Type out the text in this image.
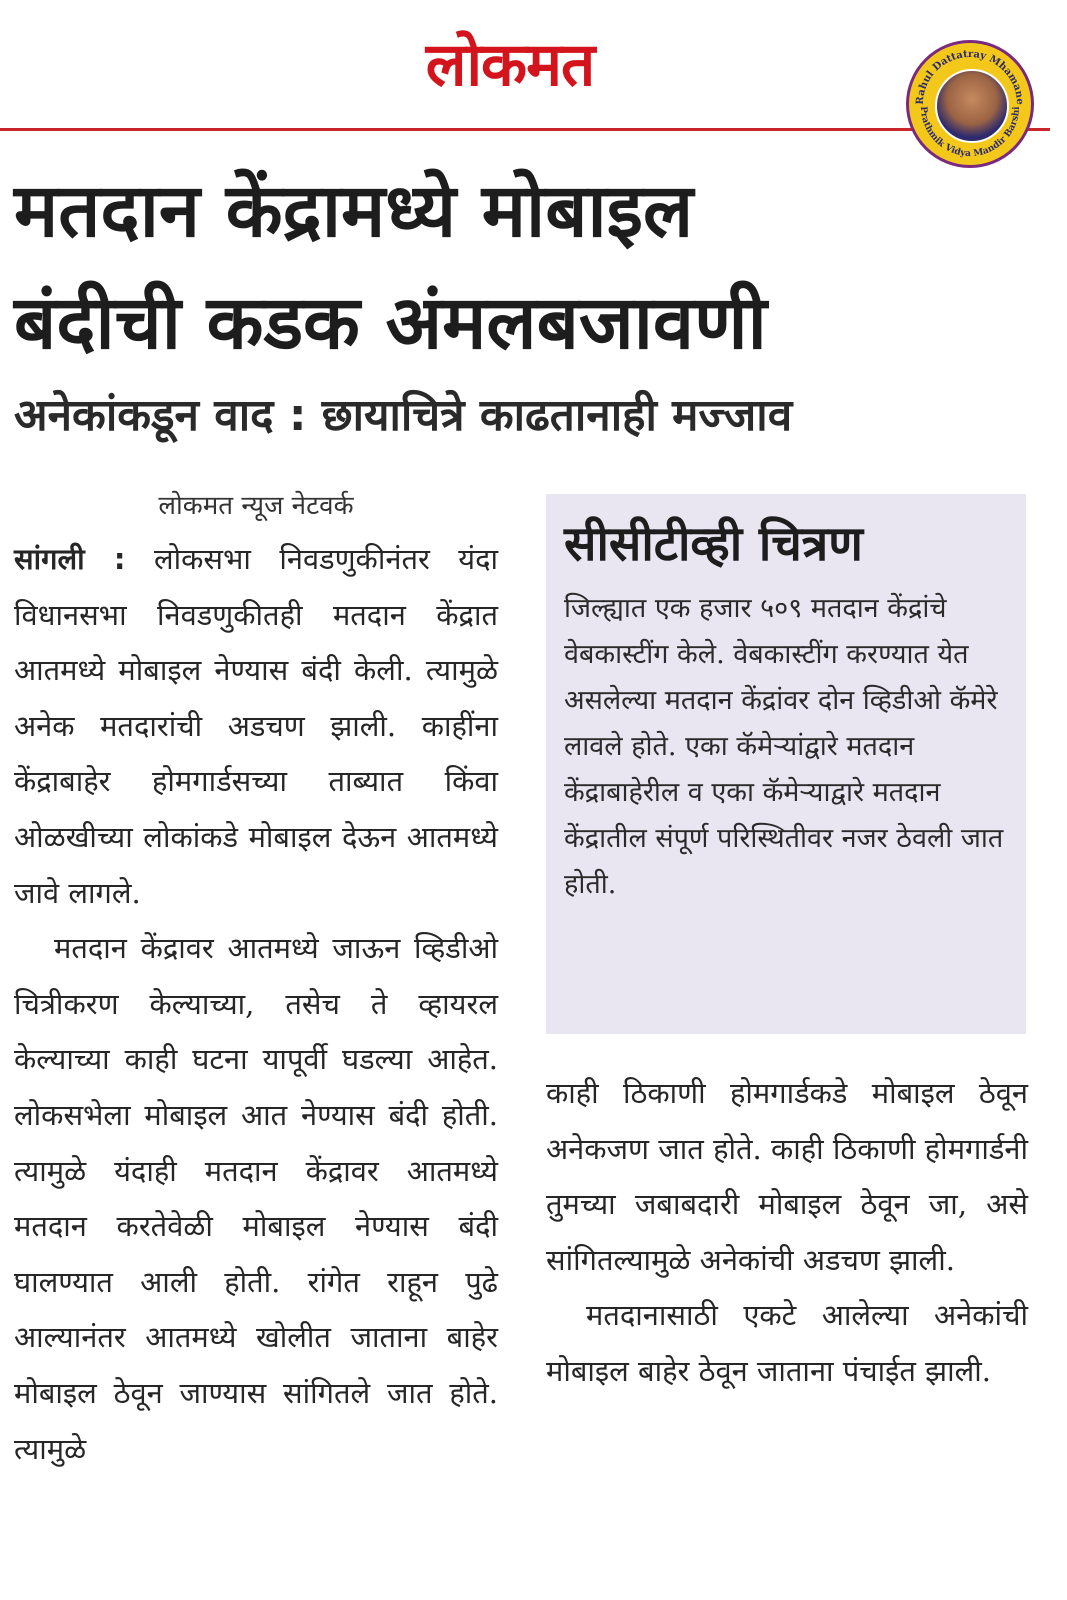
लोकमत
Rahul Dattatray Mhamane
Prathmik Vidya Mandir Barshi
मतदान केंद्रामध्ये मोबाइल
बंदीची कडक अंमलबजावणी
अनेकांकडून वाद : छायाचित्रे काढतानाही मज्जाव

लोकमत न्यूज नेटवर्क

सांगली : लोकसभा निवडणुकीनंतर यंदा विधानसभा निवडणुकीतही मतदान केंद्रात आतमध्ये मोबाइल नेण्यास बंदी केली. त्यामुळे अनेक मतदारांची अडचण झाली. काहींना केंद्राबाहेर होमगार्डसच्या ताब्यात किंवा ओळखीच्या लोकांकडे मोबाइल देऊन आतमध्ये जावे लागले.

मतदान केंद्रावर आतमध्ये जाऊन व्हिडीओ चित्रीकरण केल्याच्या, तसेच ते व्हायरल केल्याच्या काही घटना यापूर्वी घडल्या आहेत. लोकसभेला मोबाइल आत नेण्यास बंदी होती. त्यामुळे यंदाही मतदान केंद्रावर आतमध्ये मतदान करतेवेळी मोबाइल नेण्यास बंदी घालण्यात आली होती. रांगेत राहून पुढे आल्यानंतर आतमध्ये खोलीत जाताना बाहेर मोबाइल ठेवून जाण्यास सांगितले जात होते. त्यामुळे

सीसीटीव्ही चित्रण

जिल्ह्यात एक हजार ५०९ मतदान केंद्रांचे वेबकास्टींग केले. वेबकास्टींग करण्यात येत असलेल्या मतदान केंद्रांवर दोन व्हिडीओ कॅमेरे लावले होते. एका कॅमेऱ्यांद्वारे मतदान केंद्राबाहेरील व एका कॅमेऱ्याद्वारे मतदान केंद्रातील संपूर्ण परिस्थितीवर नजर ठेवली जात होती.

काही ठिकाणी होमगार्डकडे मोबाइल ठेवून अनेकजण जात होते. काही ठिकाणी होमगार्डनी तुमच्या जबाबदारी मोबाइल ठेवून जा, असे सांगितल्यामुळे अनेकांची अडचण झाली.

मतदानासाठी एकटे आलेल्या अनेकांची मोबाइल बाहेर ठेवून जाताना पंचाईत झाली.
